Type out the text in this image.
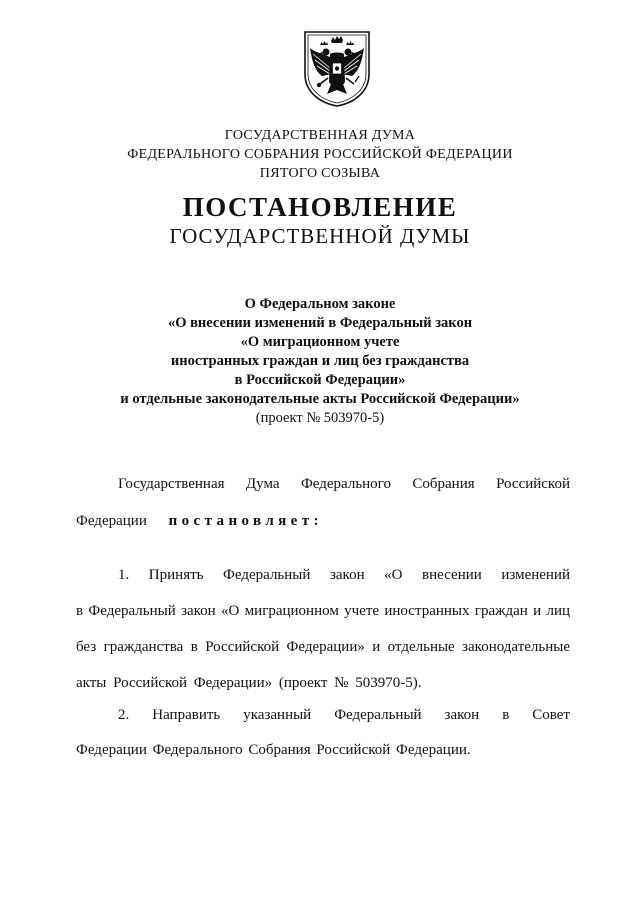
ГОСУДАРСТВЕННАЯ ДУМА
ФЕДЕРАЛЬНОГО СОБРАНИЯ РОССИЙСКОЙ ФЕДЕРАЦИИ
ПЯТОГО СОЗЫВА
ПОСТАНОВЛЕНИЕ
ГОСУДАРСТВЕННОЙ ДУМЫ
О Федеральном законе
«О внесении изменений в Федеральный закон
«О миграционном учете
иностранных граждан и лиц без гражданства
в Российской Федерации»
и отдельные законодательные акты Российской Федерации»
(проект № 503970-5)
Государственная Дума Федерального Собрания Российской
Федерации постановляет:
1. Принять Федеральный закон «О внесении изменений
в Федеральный закон «О миграционном учете иностранных граждан и лиц
без гражданства в Российской Федерации» и отдельные законодательные
акты Российской Федерации» (проект № 503970-5).
2. Направить указанный Федеральный закон в Совет
Федерации Федерального Собрания Российской Федерации.
